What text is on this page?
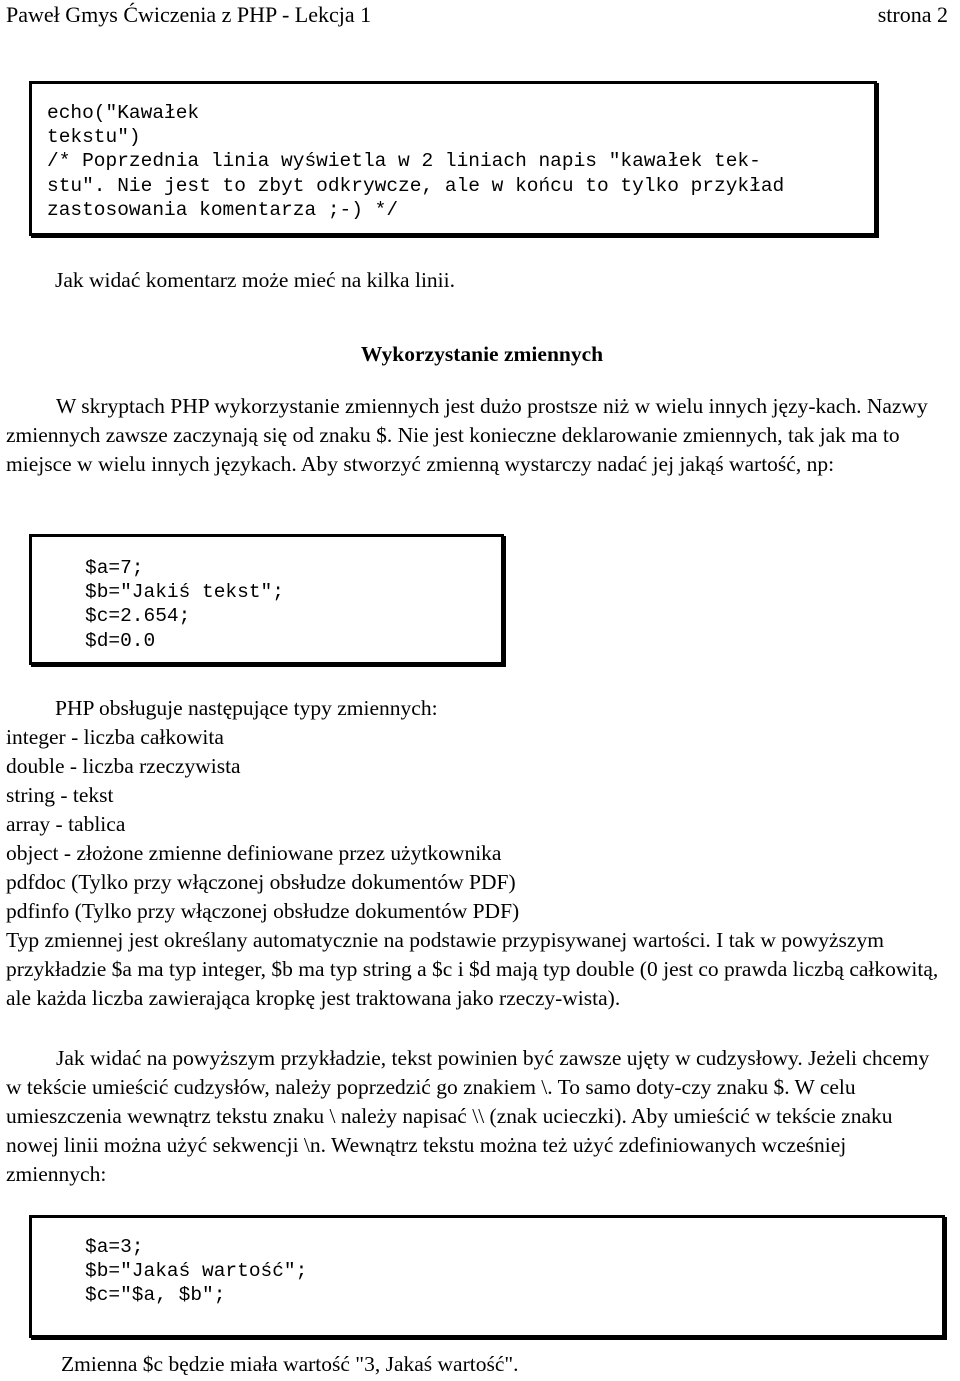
Paweł Gmys Ćwiczenia z PHP - Lekcja 1	strona 2
echo("Kawałek
tekstu")
/* Poprzednia linia wyświetla w 2 liniach napis "kawałek tek-
stu". Nie jest to zbyt odkrywcze, ale w końcu to tylko przykład
zastosowania komentarza ;-) */
Jak widać komentarz może mieć na kilka linii.
Wykorzystanie zmiennych
W skryptach PHP wykorzystanie zmiennych jest dużo prostsze niż w wielu innych języ-kach. Nazwy zmiennych zawsze zaczynają się od znaku $. Nie jest konieczne deklarowanie zmiennych, tak jak ma to miejsce w wielu innych językach. Aby stworzyć zmienną wystarczy nadać jej jakąś wartość, np:
$a=7;
$b="Jakiś tekst";
$c=2.654;
$d=0.0
PHP obsługuje następujące typy zmiennych:
integer - liczba całkowita
double - liczba rzeczywista
string - tekst
array - tablica
object - złożone zmienne definiowane przez użytkownika
pdfdoc (Tylko przy włączonej obsłudze dokumentów PDF)
pdfinfo (Tylko przy włączonej obsłudze dokumentów PDF)
Typ zmiennej jest określany automatycznie na podstawie przypisywanej wartości. I tak w powyższym przykładzie $a ma typ integer, $b ma typ string a $c i $d mają typ double (0 jest co prawda liczbą całkowitą, ale każda liczba zawierająca kropkę jest traktowana jako rzeczy-wista).
Jak widać na powyższym przykładzie, tekst powinien być zawsze ujęty w cudzysłowy. Jeżeli chcemy w tekście umieścić cudzysłów, należy poprzedzić go znakiem \. To samo doty-czy znaku $. W celu umieszczenia wewnątrz tekstu znaku \ należy napisać \\ (znak ucieczki). Aby umieścić w tekście znaku nowej linii można użyć sekwencji \n. Wewnątrz tekstu można też użyć zdefiniowanych wcześniej zmiennych:
$a=3;
$b="Jakaś wartość";
$c="$a, $b";
Zmienna $c będzie miała wartość "3, Jakaś wartość".
